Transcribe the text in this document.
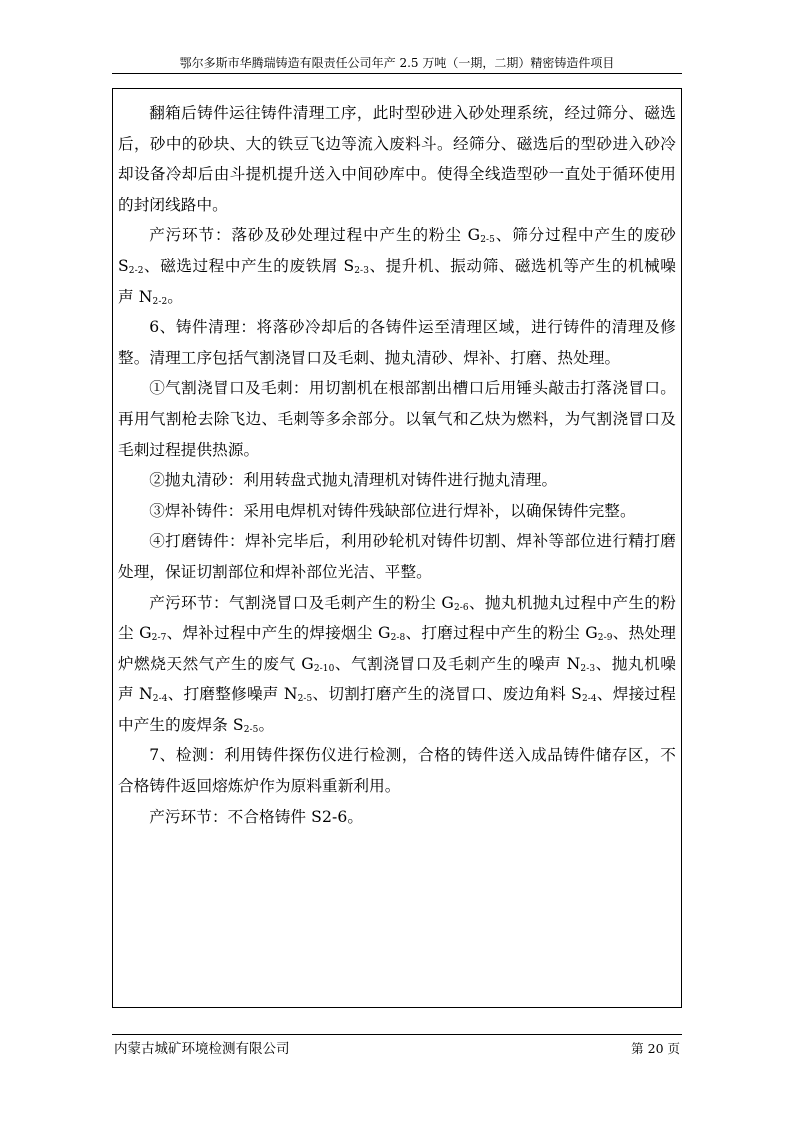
鄂尔多斯市华腾瑞铸造有限责任公司年产 2.5 万吨（一期，二期）精密铸造件项目

翻箱后铸件运往铸件清理工序，此时型砂进入砂处理系统，经过筛分、磁选后，砂中的砂块、大的铁豆飞边等流入废料斗。经筛分、磁选后的型砂进入砂冷却设备冷却后由斗提机提升送入中间砂库中。使得全线造型砂一直处于循环使用的封闭线路中。

产污环节：落砂及砂处理过程中产生的粉尘 $G_{2-5}$、筛分过程中产生的废砂 $S_{2-2}$、磁选过程中产生的废铁屑 $S_{2-3}$、提升机、振动筛、磁选机等产生的机械噪声 $N_{2-2}$。

6、铸件清理：将落砂冷却后的各铸件运至清理区域，进行铸件的清理及修整。清理工序包括气割浇冒口及毛刺、抛丸清砂、焊补、打磨、热处理。

①气割浇冒口及毛刺：用切割机在根部割出槽口后用锤头敲击打落浇冒口。再用气割枪去除飞边、毛刺等多余部分。以氧气和乙炔为燃料，为气割浇冒口及毛刺过程提供热源。

②抛丸清砂：利用转盘式抛丸清理机对铸件进行抛丸清理。

③焊补铸件：采用电焊机对铸件残缺部位进行焊补，以确保铸件完整。

④打磨铸件：焊补完毕后，利用砂轮机对铸件切割、焊补等部位进行精打磨处理，保证切割部位和焊补部位光洁、平整。

产污环节：气割浇冒口及毛刺产生的粉尘 $G_{2-6}$、抛丸机抛丸过程中产生的粉尘 $G_{2-7}$、焊补过程中产生的焊接烟尘 $G_{2-8}$、打磨过程中产生的粉尘 $G_{2-9}$、热处理炉燃烧天然气产生的废气 $G_{2-10}$、气割浇冒口及毛刺产生的噪声 $N_{2-3}$、抛丸机噪声 $N_{2-4}$、打磨整修噪声 $N_{2-5}$、切割打磨产生的浇冒口、废边角料 $S_{2-4}$、焊接过程中产生的废焊条 $S_{2-5}$。

7、检测：利用铸件探伤仪进行检测，合格的铸件送入成品铸件储存区，不合格铸件返回熔炼炉作为原料重新利用。

产污环节：不合格铸件 S2-6。

内蒙古城矿环境检测有限公司	第 20 页
